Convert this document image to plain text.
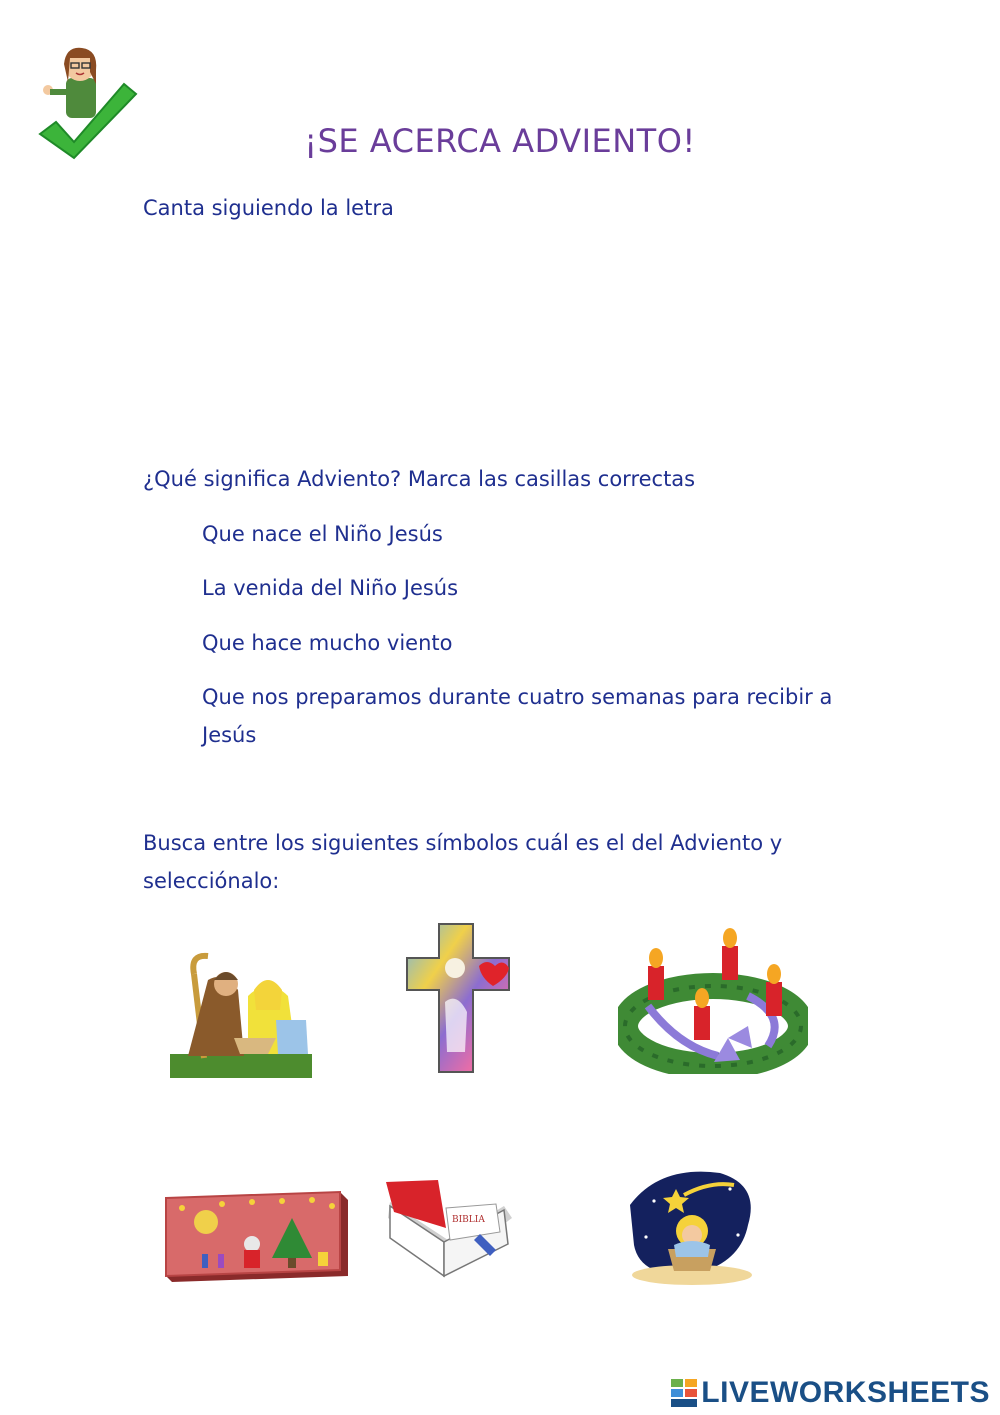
¡SE ACERCA ADVIENTO!
Canta siguiendo la letra
¿Qué significa Adviento? Marca las casillas correctas
Que nace el Niño Jesús
La venida del Niño Jesús
Que hace mucho viento
Que nos preparamos durante cuatro semanas para recibir a Jesús
Busca entre los siguientes símbolos cuál es el del Adviento y selecciónalo:
BIBLIA
LIVEWORKSHEETS
